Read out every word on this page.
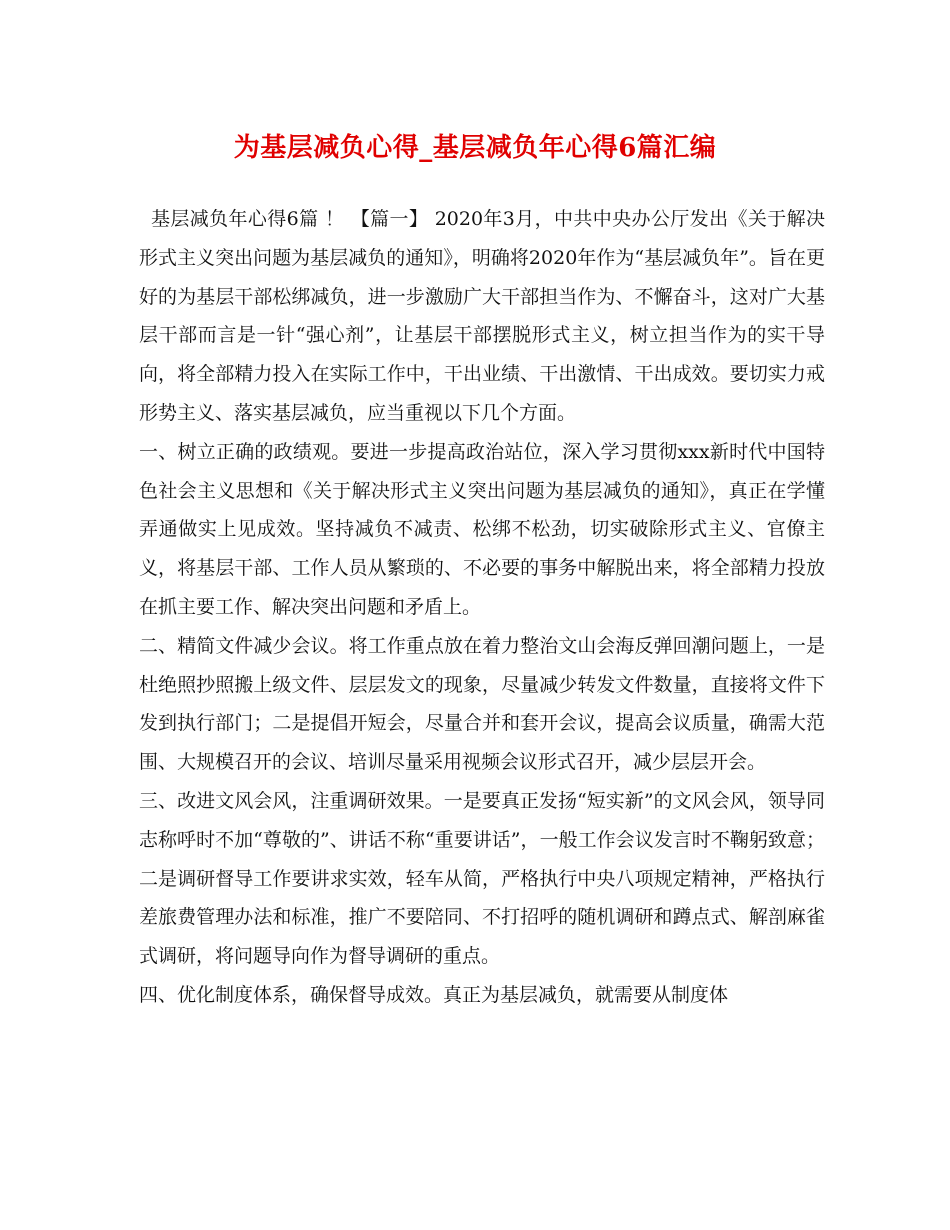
为基层减负心得_基层减负年心得6篇汇编

基层减负年心得6篇 ！ 【篇一】 2020年3月，中共中央办公厅发出《关于解决形式主义突出问题为基层减负的通知》，明确将2020年作为“基层减负年”。旨在更好的为基层干部松绑减负，进一步激励广大干部担当作为、不懈奋斗，这对广大基层干部而言是一针“强心剂”，让基层干部摆脱形式主义，树立担当作为的实干导向，将全部精力投入在实际工作中，干出业绩、干出激情、干出成效。要切实力戒形势主义、落实基层减负，应当重视以下几个方面。

一、树立正确的政绩观。要进一步提高政治站位，深入学习贯彻xxx新时代中国特色社会主义思想和《关于解决形式主义突出问题为基层减负的通知》，真正在学懂弄通做实上见成效。坚持减负不减责、松绑不松劲，切实破除形式主义、官僚主义，将基层干部、工作人员从繁琐的、不必要的事务中解脱出来，将全部精力投放在抓主要工作、解决突出问题和矛盾上。

二、精简文件减少会议。将工作重点放在着力整治文山会海反弹回潮问题上，一是杜绝照抄照搬上级文件、层层发文的现象，尽量减少转发文件数量，直接将文件下发到执行部门；二是提倡开短会，尽量合并和套开会议，提高会议质量，确需大范围、大规模召开的会议、培训尽量采用视频会议形式召开，减少层层开会。

三、改进文风会风，注重调研效果。一是要真正发扬“短实新”的文风会风，领导同志称呼时不加“尊敬的”、讲话不称“重要讲话”，一般工作会议发言时不鞠躬致意；二是调研督导工作要讲求实效，轻车从简，严格执行中央八项规定精神，严格执行差旅费管理办法和标准，推广不要陪同、不打招呼的随机调研和蹲点式、解剖麻雀式调研，将问题导向作为督导调研的重点。

四、优化制度体系，确保督导成效。真正为基层减负，就需要从制度体
